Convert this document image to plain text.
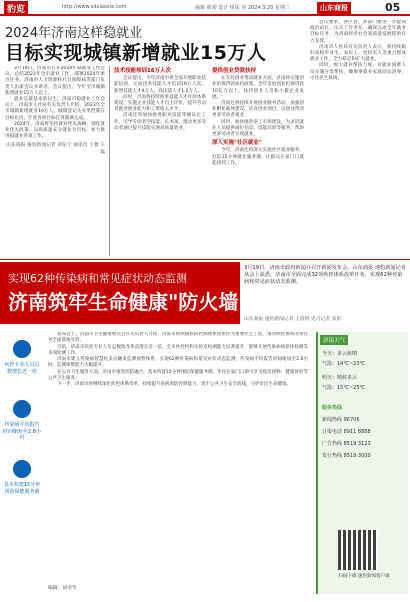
豹览	http://www.sdxiaoxie.com	编辑 新闻 设计 组版 审 2024.3.20 星期三	山东商报	05
2024年济南这样稳就业
目标实现城镇新增就业15万人

3月19日，济南市召开2024年稳就业工作会议，总结2023年全市就业工作，部署2024年重点任务。济南市人力资源和社会保障局等部门负责人出席会议并讲话，会议提出，今年全市城镇新增就业15万人以上。

就业是最基本的民生。济南市稳就业工作会议上，济南市人社局有关负责人介绍，2023年全市城镇新增就业16万人，城镇登记失业率控制在目标以内，年度各项目标任务圆满完成。

2024年，济南将坚持就业优先战略，强化就业优先政策，以高质量充分就业为目标，加力推进稳就业各项工作。

山东商报·速豹新闻记者 刘东宁 通讯员 王雅 王磊
技术技能培训16万人次

会议提出，今年济南市将全面开展职业技能培训，完成技术技能人才培训16万人次，新增技能人才4万人，高技能人才1.2万人。

同时，济南将持续推进技能人才评价体系建设，实施企业技能人才自主评价，提升劳动者就业创业能力和工资收入水平。

济南还将加快推进职业技能等级认定工作，引导劳动者学技能、长本领，推动更多劳动者通过提升技能实现高质量就业。

提供创业贷款扶持

在支持创业带动就业方面，济南将实施创业担保贷款扶持政策，全年发放创业担保贷款10亿元以上，扶持创业人员和小微企业发展。

济南还将持续开展创业服务活动，加强创业孵化载体建设，培育创业项目，以创业带动更多劳动者就业。

同时，加快推进零工市场建设，为灵活就业人员提供岗位信息、技能培训等服务，帮助更多劳动者实现就业。

深入实施"社区就业"

今年，济南还将深入实施社区就业服务，打造15分钟就业服务圈，让群众在家门口就能找到工作。

会议要求，各区县、各部门要进一步提高政治站位，压实工作责任，确保完成全年就业目标任务，为济南经济社会高质量发展提供有力支撑。

济南市人社局有关负责人表示，将持续做好高校毕业生、农民工、退役军人等重点群体就业工作，全力稳定和扩大就业。

同时，加大就业帮扶力度，对就业困难人员实施分类帮扶，确保零就业家庭动态清零，守住民生底线。

实现62种传染病和常见症状动态监测
济南筑牢生命健康"防火墙"
3月19日，济南市政府新闻办召开新闻发布会，山东商报·速豹新闻记者从会上获悉，济南市全面完成32项疾控体系改革任务，实现62种传染病和常见症状动态监测。
山东商报·速豹新闻记者 王倩倩 见习记者 张彤
疾控专业人员总数增长近一倍
传染病平均报告时间缩短至2.8小时
基本构建15分钟预防保健服务圈

发布会上，济南市卫生健康委员会有关负责人介绍，济南市将疾病预防控制体系改革作为重要民生工程，推动疾控体系改革任务全面落地见效。

目前，济南市疾控专业人员总数较改革前增长近一倍，全市疾控机构实验室检测能力显著提升，能够开展传染病病原体检测等多项检测工作。

济南市建立传染病智慧化多点触发监测预警体系，实现62种传染病和常见症状动态监测，传染病平均报告时间缩短至2.8小时，监测预警能力大幅提升。

在公共卫生服务方面，济南市推进医防融合，基本构建15分钟预防保健服务圈，市民在家门口即可享受疫苗接种、健康体检等公共卫生服务。

下一步，济南市将继续深化疾控体系改革，持续提升疾病预防控制能力，筑牢公共卫生安全防线，守护市民生命健康。

编辑：胡金华
济南天气
今天：多云转晴
气温：14℃~23℃
明天：晴转多云
气温：15℃~25℃
服务热线
新闻热线 96706
订报电话 8911 8888
广告热线 8519 3123
发行热线 8519 3000
扫码下载 速豹新闻客户端
